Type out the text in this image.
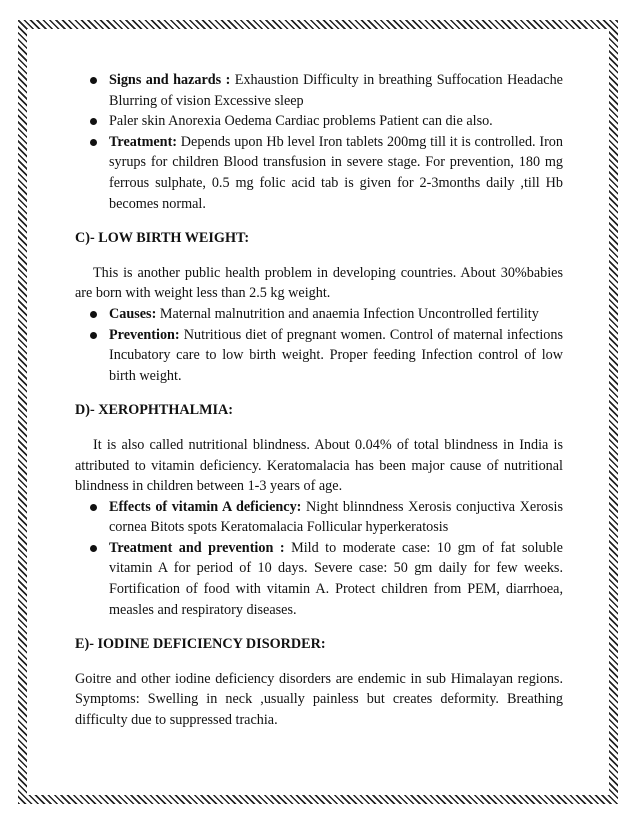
Signs and hazards : Exhaustion Difficulty in breathing Suffocation Headache Blurring of vision Excessive sleep
Paler skin Anorexia Oedema Cardiac problems Patient can die also.
Treatment: Depends upon Hb level Iron tablets 200mg till it is controlled. Iron syrups for children Blood transfusion in severe stage. For prevention, 180 mg ferrous sulphate, 0.5 mg folic acid tab is given for 2-3months daily ,till Hb becomes normal.

C)- LOW BIRTH WEIGHT:

This is another public health problem in developing countries. About 30%babies are born with weight less than 2.5 kg weight.

Causes: Maternal malnutrition and anaemia Infection Uncontrolled fertility
Prevention: Nutritious diet of pregnant women. Control of maternal infections Incubatory care to low birth weight. Proper feeding Infection control of low birth weight.

D)- XEROPHTHALMIA:

It is also called nutritional blindness. About 0.04% of total blindness in India is attributed to vitamin deficiency. Keratomalacia has been major cause of nutritional blindness in children between 1-3 years of age.

Effects of vitamin A deficiency: Night blinndness Xerosis conjuctiva Xerosis cornea Bitots spots Keratomalacia Follicular hyperkeratosis
Treatment and prevention : Mild to moderate case: 10 gm of fat soluble vitamin A for period of 10 days. Severe case: 50 gm daily for few weeks. Fortification of food with vitamin A. Protect children from PEM, diarrhoea, measles and respiratory diseases.

E)- IODINE DEFICIENCY DISORDER:

Goitre and other iodine deficiency disorders are endemic in sub Himalayan regions. Symptoms: Swelling in neck ,usually painless but creates deformity. Breathing difficulty due to suppressed trachia.
